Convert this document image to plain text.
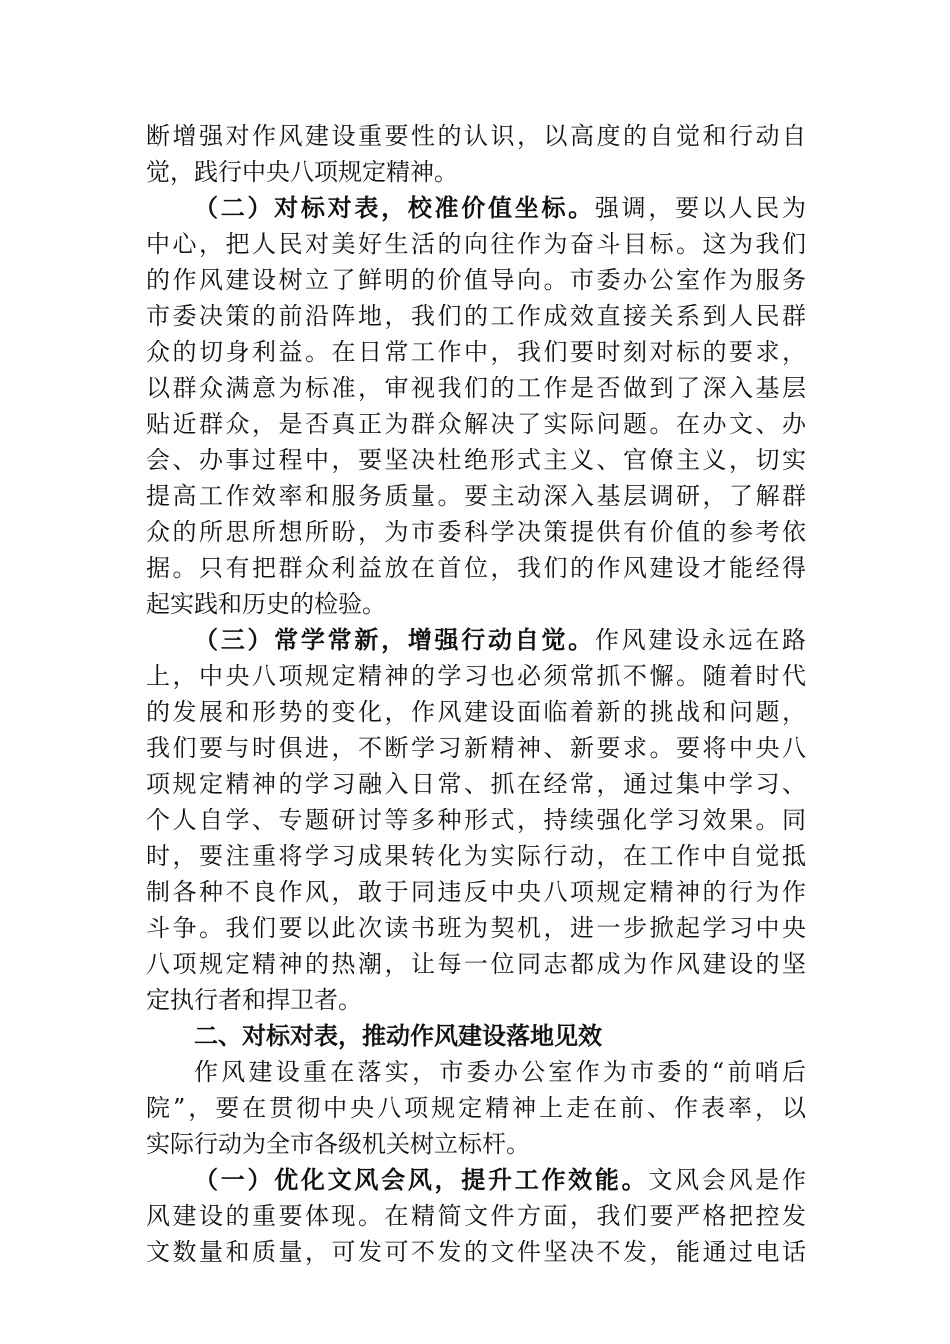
断增强对作风建设重要性的认识，以高度的自觉和行动自
觉，践行中央八项规定精神。
（二）对标对表，校准价值坐标。强调，要以人民为
中心，把人民对美好生活的向往作为奋斗目标。这为我们
的作风建设树立了鲜明的价值导向。市委办公室作为服务
市委决策的前沿阵地，我们的工作成效直接关系到人民群
众的切身利益。在日常工作中，我们要时刻对标的要求，
以群众满意为标准，审视我们的工作是否做到了深入基层
贴近群众，是否真正为群众解决了实际问题。在办文、办
会、办事过程中，要坚决杜绝形式主义、官僚主义，切实
提高工作效率和服务质量。要主动深入基层调研，了解群
众的所思所想所盼，为市委科学决策提供有价值的参考依
据。只有把群众利益放在首位，我们的作风建设才能经得
起实践和历史的检验。
（三）常学常新，增强行动自觉。作风建设永远在路
上，中央八项规定精神的学习也必须常抓不懈。随着时代
的发展和形势的变化，作风建设面临着新的挑战和问题，
我们要与时俱进，不断学习新精神、新要求。要将中央八
项规定精神的学习融入日常、抓在经常，通过集中学习、
个人自学、专题研讨等多种形式，持续强化学习效果。同
时，要注重将学习成果转化为实际行动，在工作中自觉抵
制各种不良作风，敢于同违反中央八项规定精神的行为作
斗争。我们要以此次读书班为契机，进一步掀起学习中央
八项规定精神的热潮，让每一位同志都成为作风建设的坚
定执行者和捍卫者。
二、对标对表，推动作风建设落地见效
作风建设重在落实，市委办公室作为市委的“前哨后
院”，要在贯彻中央八项规定精神上走在前、作表率，以
实际行动为全市各级机关树立标杆。
（一）优化文风会风，提升工作效能。文风会风是作
风建设的重要体现。在精简文件方面，我们要严格把控发
文数量和质量，可发可不发的文件坚决不发，能通过电话
